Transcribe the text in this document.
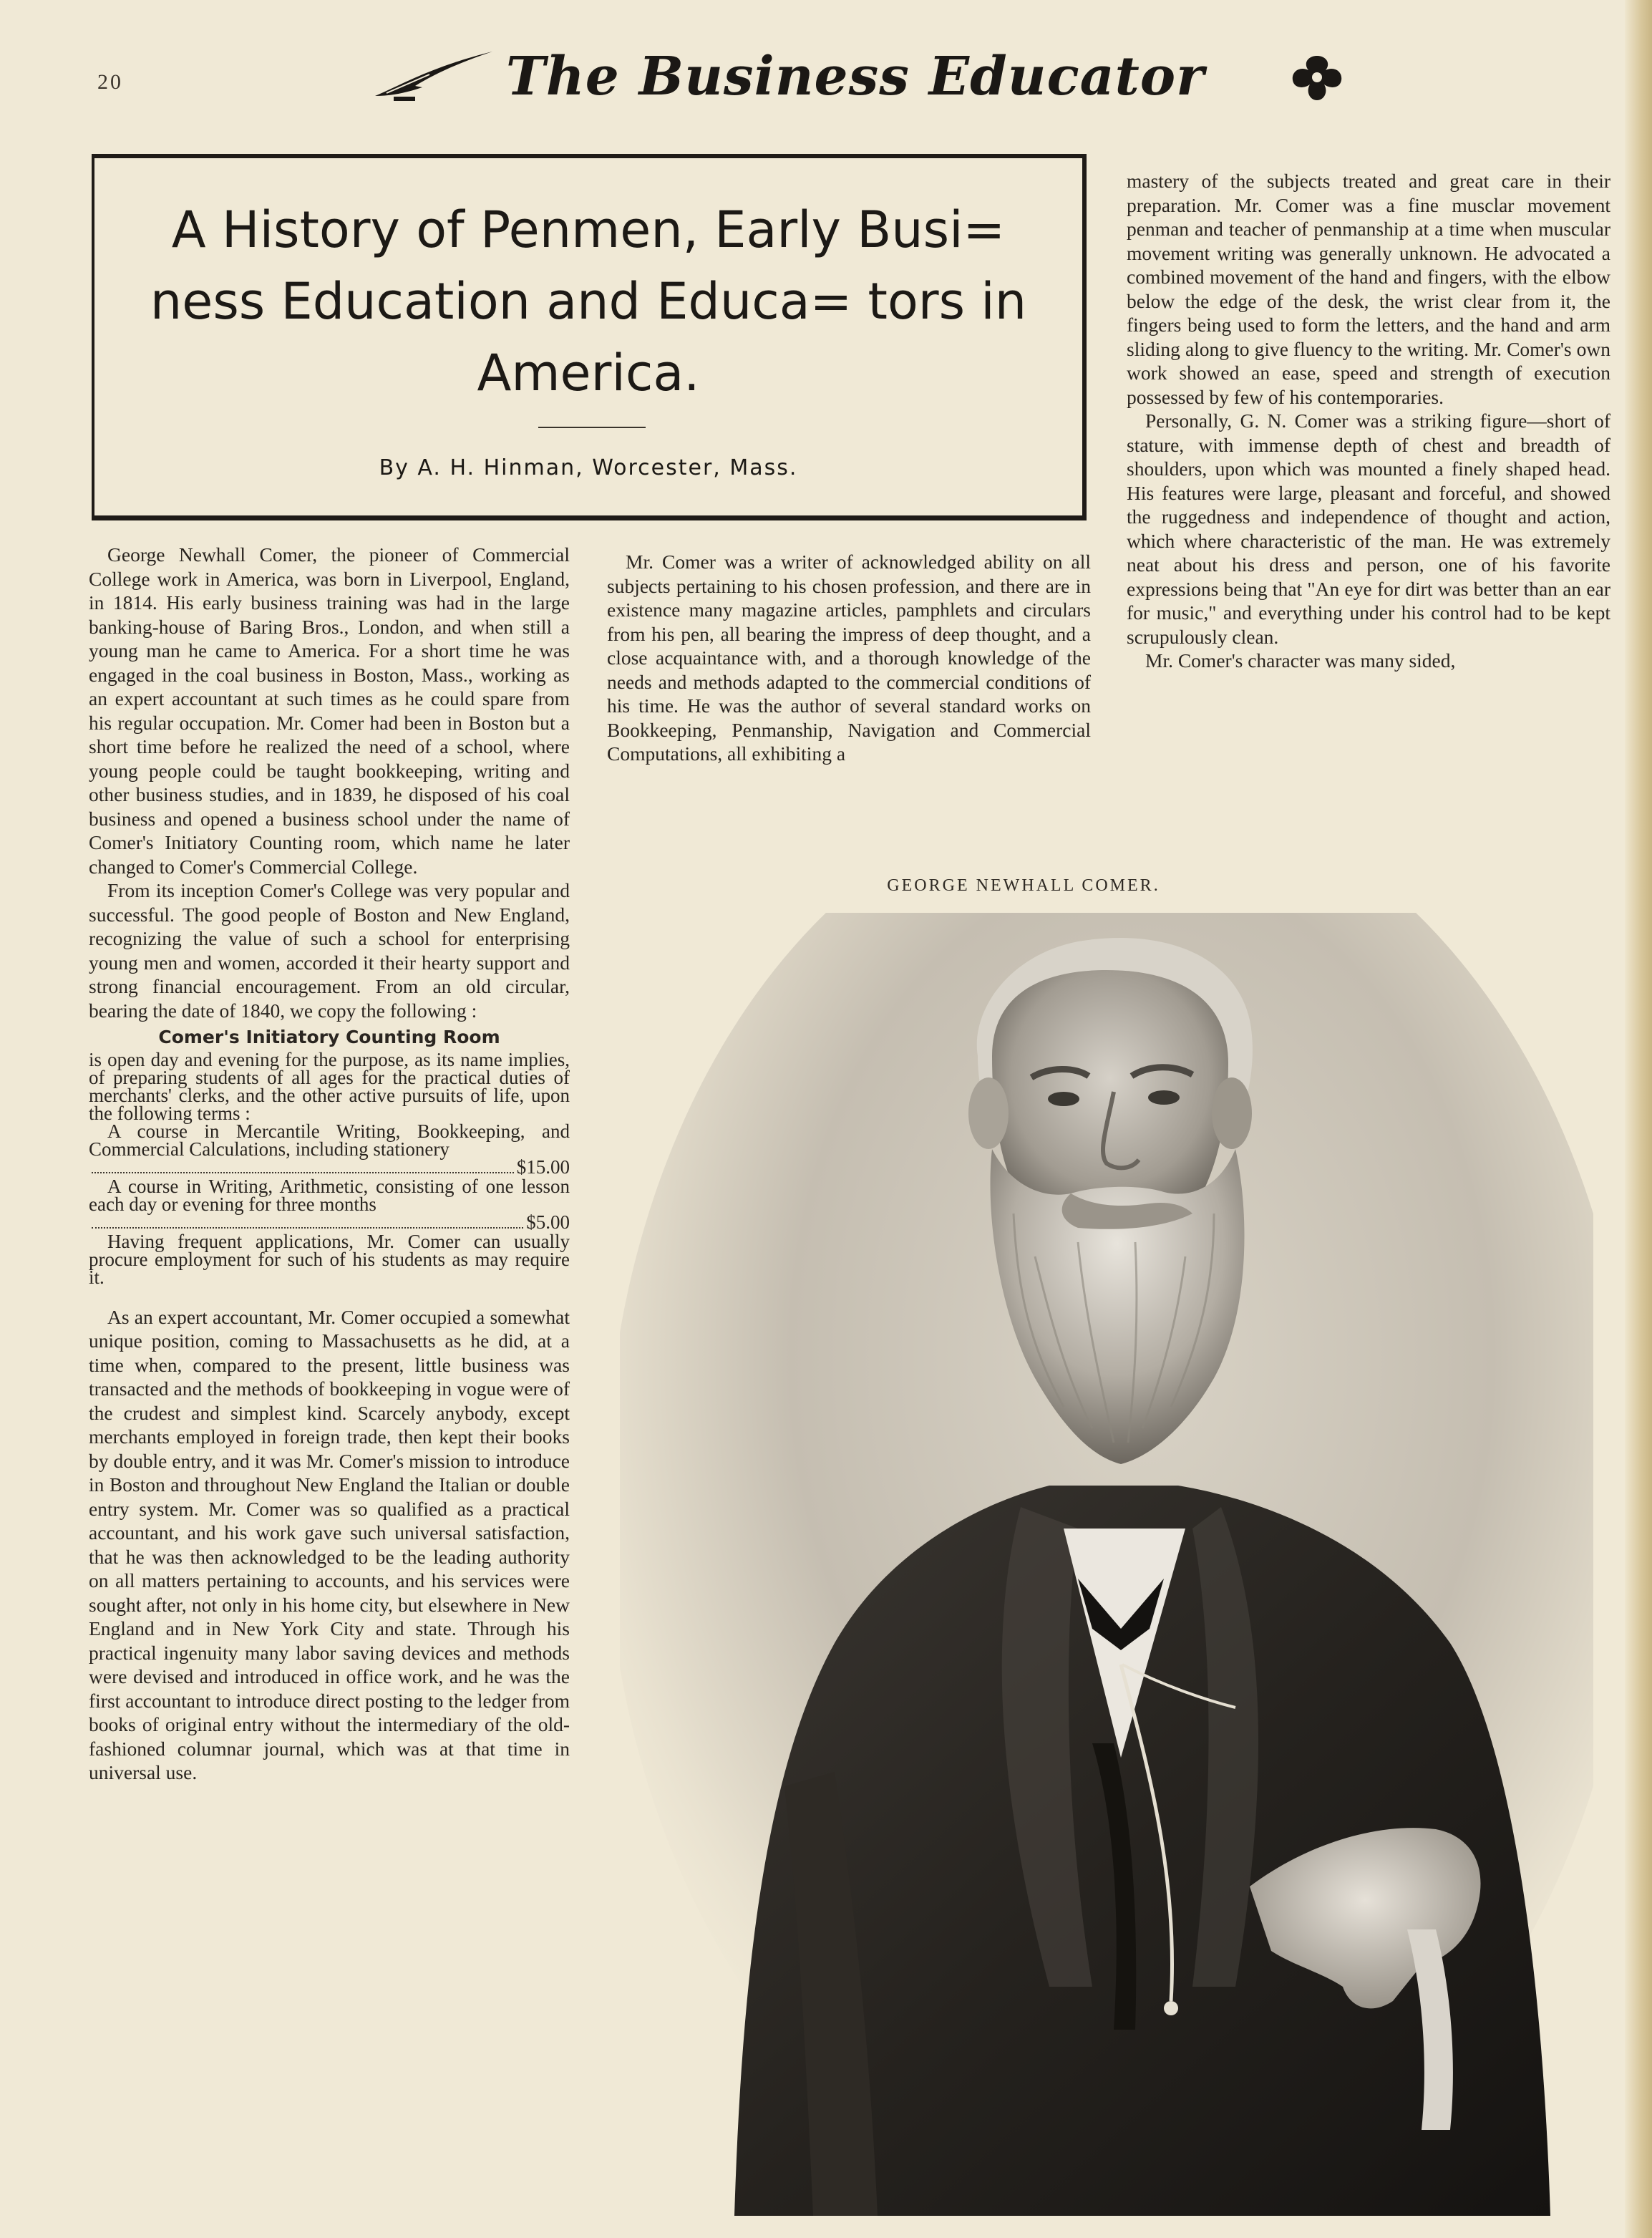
20	The Business Educator
A History of Penmen, Early Busi= ness Education and Educa= tors in America.
By A. H. Hinman, Worcester, Mass.

George Newhall Comer, the pioneer of Commercial College work in America, was born in Liverpool, England, in 1814. His early business training was had in the large banking-house of Baring Bros., London, and when still a young man he came to America. For a short time he was engaged in the coal business in Boston, Mass., working as an expert accountant at such times as he could spare from his regular occupation. Mr. Comer had been in Boston but a short time before he realized the need of a school, where young people could be taught bookkeeping, writing and other business studies, and in 1839, he disposed of his coal business and opened a business school under the name of Comer's Initiatory Counting room, which name he later changed to Comer's Commercial College.

From its inception Comer's College was very popular and successful. The good people of Boston and New England, recognizing the value of such a school for enterprising young men and women, accorded it their hearty support and strong financial encouragement. From an old circular, bearing the date of 1840, we copy the following :

Comer's Initiatory Counting Room

is open day and evening for the purpose, as its name implies, of preparing students of all ages for the practical duties of merchants' clerks, and the other active pursuits of life, upon the following terms :

A course in Mercantile Writing, Bookkeeping, and Commercial Calculations, including stationery

$15.00

A course in Writing, Arithmetic, consisting of one lesson each day or evening for three months

$5.00

Having frequent applications, Mr. Comer can usually procure employment for such of his students as may require it.

As an expert accountant, Mr. Comer occupied a somewhat unique position, coming to Massachusetts as he did, at a time when, compared to the present, little business was transacted and the methods of bookkeeping in vogue were of the crudest and simplest kind. Scarcely anybody, except merchants employed in foreign trade, then kept their books by double entry, and it was Mr. Comer's mission to introduce in Boston and throughout New England the Italian or double entry system. Mr. Comer was so qualified as a practical accountant, and his work gave such universal satisfaction, that he was then acknowledged to be the leading authority on all matters pertaining to accounts, and his services were sought after, not only in his home city, but elsewhere in New England and in New York City and state. Through his practical ingenuity many labor saving devices and methods were devised and introduced in office work, and he was the first accountant to introduce direct posting to the ledger from books of original entry without the intermediary of the old-fashioned columnar journal, which was at that time in universal use.

Mr. Comer was a writer of acknowledged ability on all subjects pertaining to his chosen profession, and there are in existence many magazine articles, pamphlets and circulars from his pen, all bearing the impress of deep thought, and a close acquaintance with, and a thorough knowledge of the needs and methods adapted to the commercial conditions of his time. He was the author of several standard works on Bookkeeping, Penmanship, Navigation and Commercial Computations, all exhibiting a

mastery of the subjects treated and great care in their preparation. Mr. Comer was a fine musclar movement penman and teacher of penmanship at a time when muscular movement writing was generally unknown. He advocated a combined movement of the hand and fingers, with the elbow below the edge of the desk, the wrist clear from it, the fingers being used to form the letters, and the hand and arm sliding along to give fluency to the writing. Mr. Comer's own work showed an ease, speed and strength of execution possessed by few of his contemporaries.

Personally, G. N. Comer was a striking figure—short of stature, with immense depth of chest and breadth of shoulders, upon which was mounted a finely shaped head. His features were large, pleasant and forceful, and showed the ruggedness and independence of thought and action, which where characteristic of the man. He was extremely neat about his dress and person, one of his favorite expressions being that "An eye for dirt was better than an ear for music," and everything under his control had to be kept scrupulously clean.

Mr. Comer's character was many sided,

GEORGE NEWHALL COMER.
